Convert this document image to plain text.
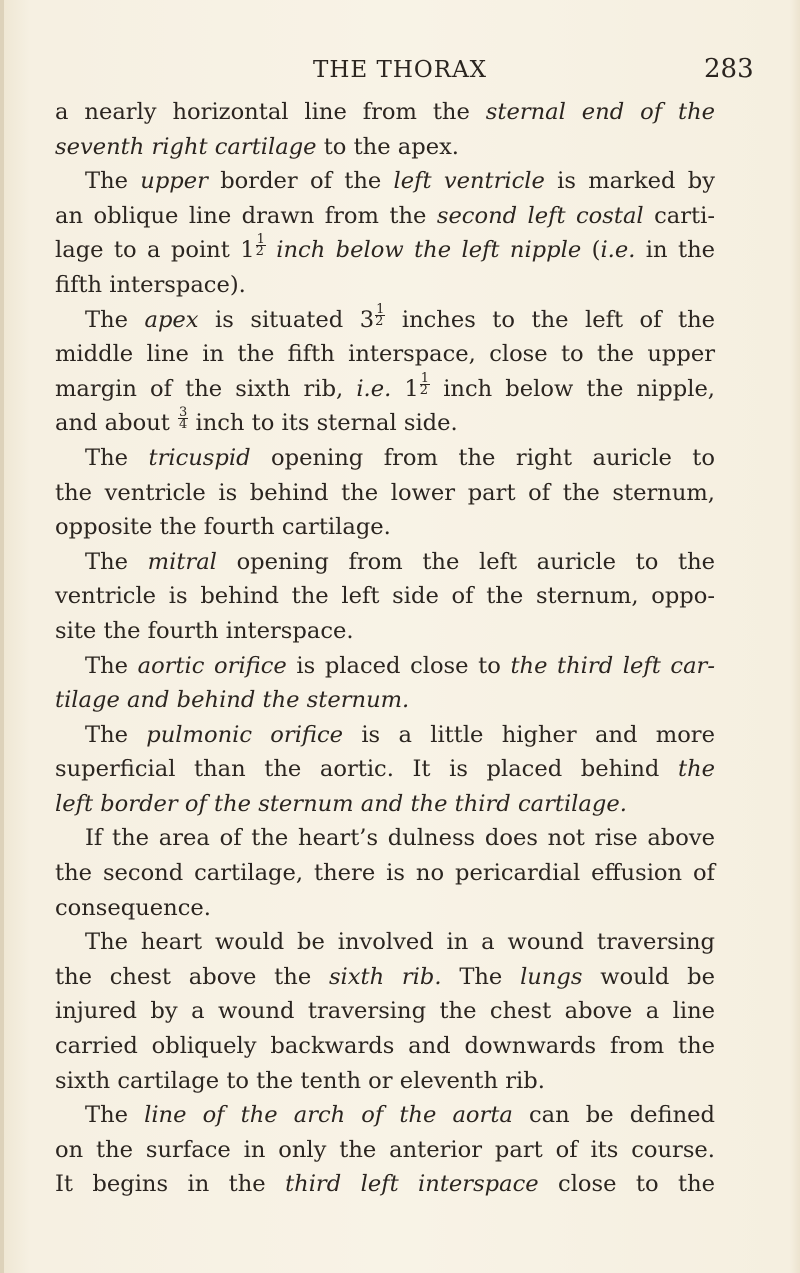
THE THORAX	283
a nearly horizontal line from the sternal end of the
seventh right cartilage to the apex.
The upper border of the left ventricle is marked by
an oblique line drawn from the second left costal carti-
lage to a point $1 \frac{1}{2}$ inch below the left nipple (i.e. in the
fifth interspace).
The apex is situated $3 \frac{1}{2}$ inches to the left of the
middle line in the fifth interspace, close to the upper
margin of the sixth rib, i.e. $1 \frac{1}{2}$ inch below the nipple,
and about $\frac{3}{4}$ inch to its sternal side.
The tricuspid opening from the right auricle to
the ventricle is behind the lower part of the sternum,
opposite the fourth cartilage.
The mitral opening from the left auricle to the
ventricle is behind the left side of the sternum, oppo-
site the fourth interspace.
The aortic orifice is placed close to the third left car-
tilage and behind the sternum.
The pulmonic orifice is a little higher and more
superficial than the aortic. It is placed behind the
left border of the sternum and the third cartilage.
If the area of the heart’s dulness does not rise above
the second cartilage, there is no pericardial effusion of
consequence.
The heart would be involved in a wound traversing
the chest above the sixth rib. The lungs would be
injured by a wound traversing the chest above a line
carried obliquely backwards and downwards from the
sixth cartilage to the tenth or eleventh rib.
The line of the arch of the aorta can be defined
on the surface in only the anterior part of its course.
It begins in the third left interspace close to the
